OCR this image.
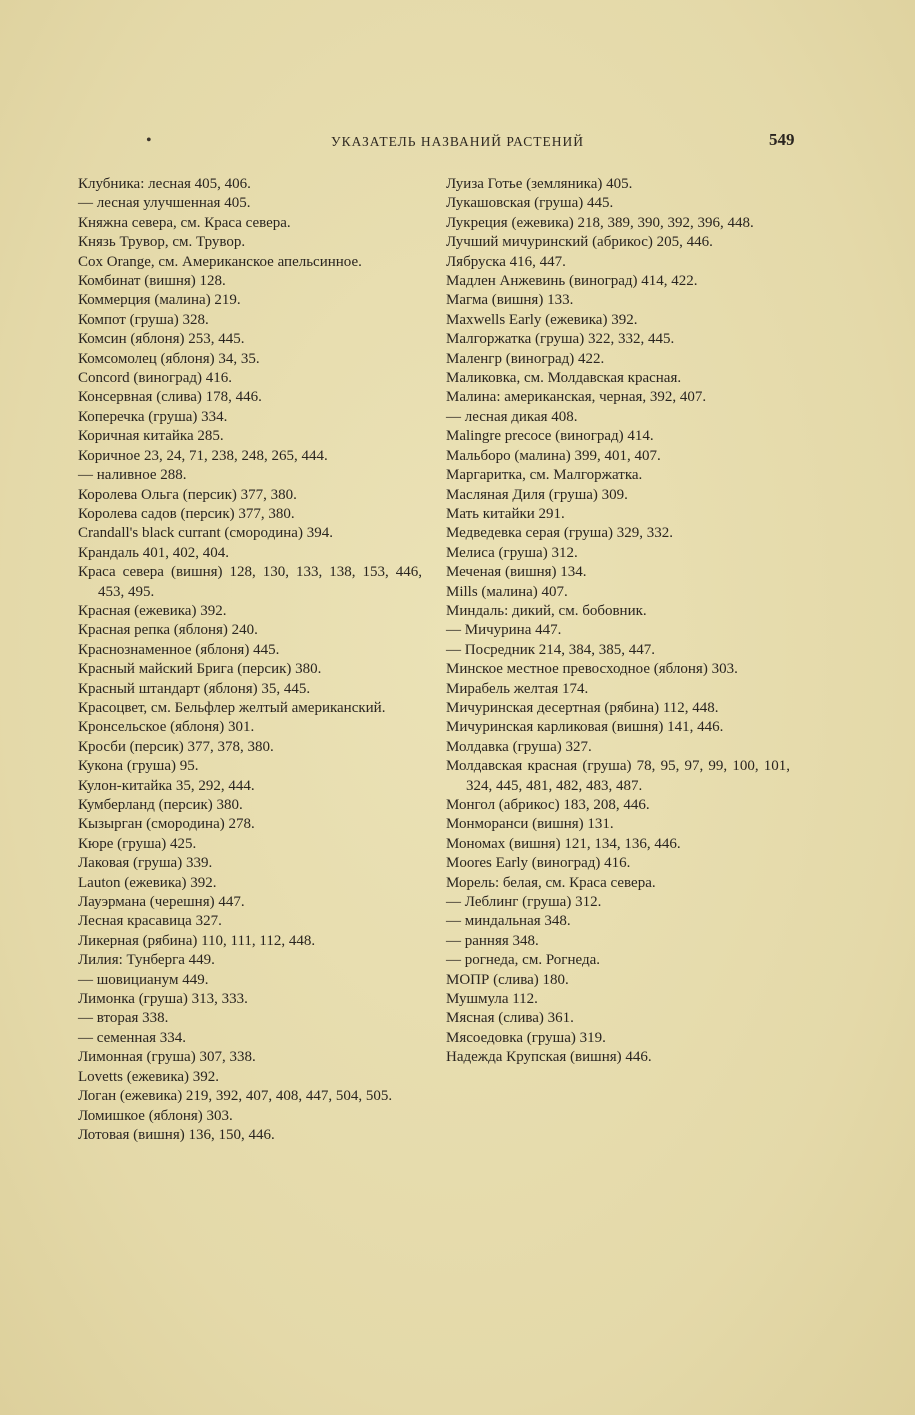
•	УКАЗАТЕЛЬ НАЗВАНИЙ РАСТЕНИЙ	549
Клубника: лесная 405, 406.
— лесная улучшенная 405.
Княжна севера, см. Краса севера.
Князь Трувор, см. Трувор.
Cox Orange, см. Американское апельсинное.
Комбинат (вишня) 128.
Коммерция (малина) 219.
Компот (груша) 328.
Комсин (яблоня) 253, 445.
Комсомолец (яблоня) 34, 35.
Concord (виноград) 416.
Консервная (слива) 178, 446.
Коперечка (груша) 334.
Коричная китайка 285.
Коричное 23, 24, 71, 238, 248, 265, 444.
— наливное 288.
Королева Ольга (персик) 377, 380.
Королева садов (персик) 377, 380.
Crandall's black currant (смородина) 394.
Крандаль 401, 402, 404.
Краса севера (вишня) 128, 130, 133, 138, 153, 446, 453, 495.
Красная (ежевика) 392.
Красная репка (яблоня) 240.
Краснознаменное (яблоня) 445.
Красный майский Брига (персик) 380.
Красный штандарт (яблоня) 35, 445.
Красоцвет, см. Бельфлер желтый американский.
Кронсельское (яблоня) 301.
Кросби (персик) 377, 378, 380.
Кукона (груша) 95.
Кулон-китайка 35, 292, 444.
Кумберланд (персик) 380.
Кызырган (смородина) 278.
Кюре (груша) 425.
Лаковая (груша) 339.
Lauton (ежевика) 392.
Лауэрмана (черешня) 447.
Лесная красавица 327.
Ликерная (рябина) 110, 111, 112, 448.
Лилия: Тунберга 449.
— шовицианум 449.
Лимонка (груша) 313, 333.
— вторая 338.
— семенная 334.
Лимонная (груша) 307, 338.
Lovetts (ежевика) 392.
Логан (ежевика) 219, 392, 407, 408, 447, 504, 505.
Ломишкое (яблоня) 303.
Лотовая (вишня) 136, 150, 446.
Луиза Готье (земляника) 405.
Лукашовская (груша) 445.
Лукреция (ежевика) 218, 389, 390, 392, 396, 448.
Лучший мичуринский (абрикос) 205, 446.
Лябруска 416, 447.
Мадлен Анжевинь (виноград) 414, 422.
Магма (вишня) 133.
Maxwells Early (ежевика) 392.
Малгоржатка (груша) 322, 332, 445.
Маленгр (виноград) 422.
Маликовка, см. Молдавская красная.
Малина: американская, черная, 392, 407.
— лесная дикая 408.
Malingre precoce (виноград) 414.
Мальборо (малина) 399, 401, 407.
Маргаритка, см. Малгоржатка.
Масляная Диля (груша) 309.
Мать китайки 291.
Медведевка серая (груша) 329, 332.
Мелиса (груша) 312.
Меченая (вишня) 134.
Mills (малина) 407.
Миндаль: дикий, см. бобовник.
— Мичурина 447.
— Посредник 214, 384, 385, 447.
Минское местное превосходное (яблоня) 303.
Мирабель желтая 174.
Мичуринская десертная (рябина) 112, 448.
Мичуринская карликовая (вишня) 141, 446.
Молдавка (груша) 327.
Молдавская красная (груша) 78, 95, 97, 99, 100, 101, 324, 445, 481, 482, 483, 487.
Монгол (абрикос) 183, 208, 446.
Монморанси (вишня) 131.
Мономах (вишня) 121, 134, 136, 446.
Moores Early (виноград) 416.
Морель: белая, см. Краса севера.
— Леблинг (груша) 312.
— миндальная 348.
— ранняя 348.
— рогнеда, см. Рогнеда.
МОПР (слива) 180.
Мушмула 112.
Мясная (слива) 361.
Мясоедовка (груша) 319.
Надежда Крупская (вишня) 446.
